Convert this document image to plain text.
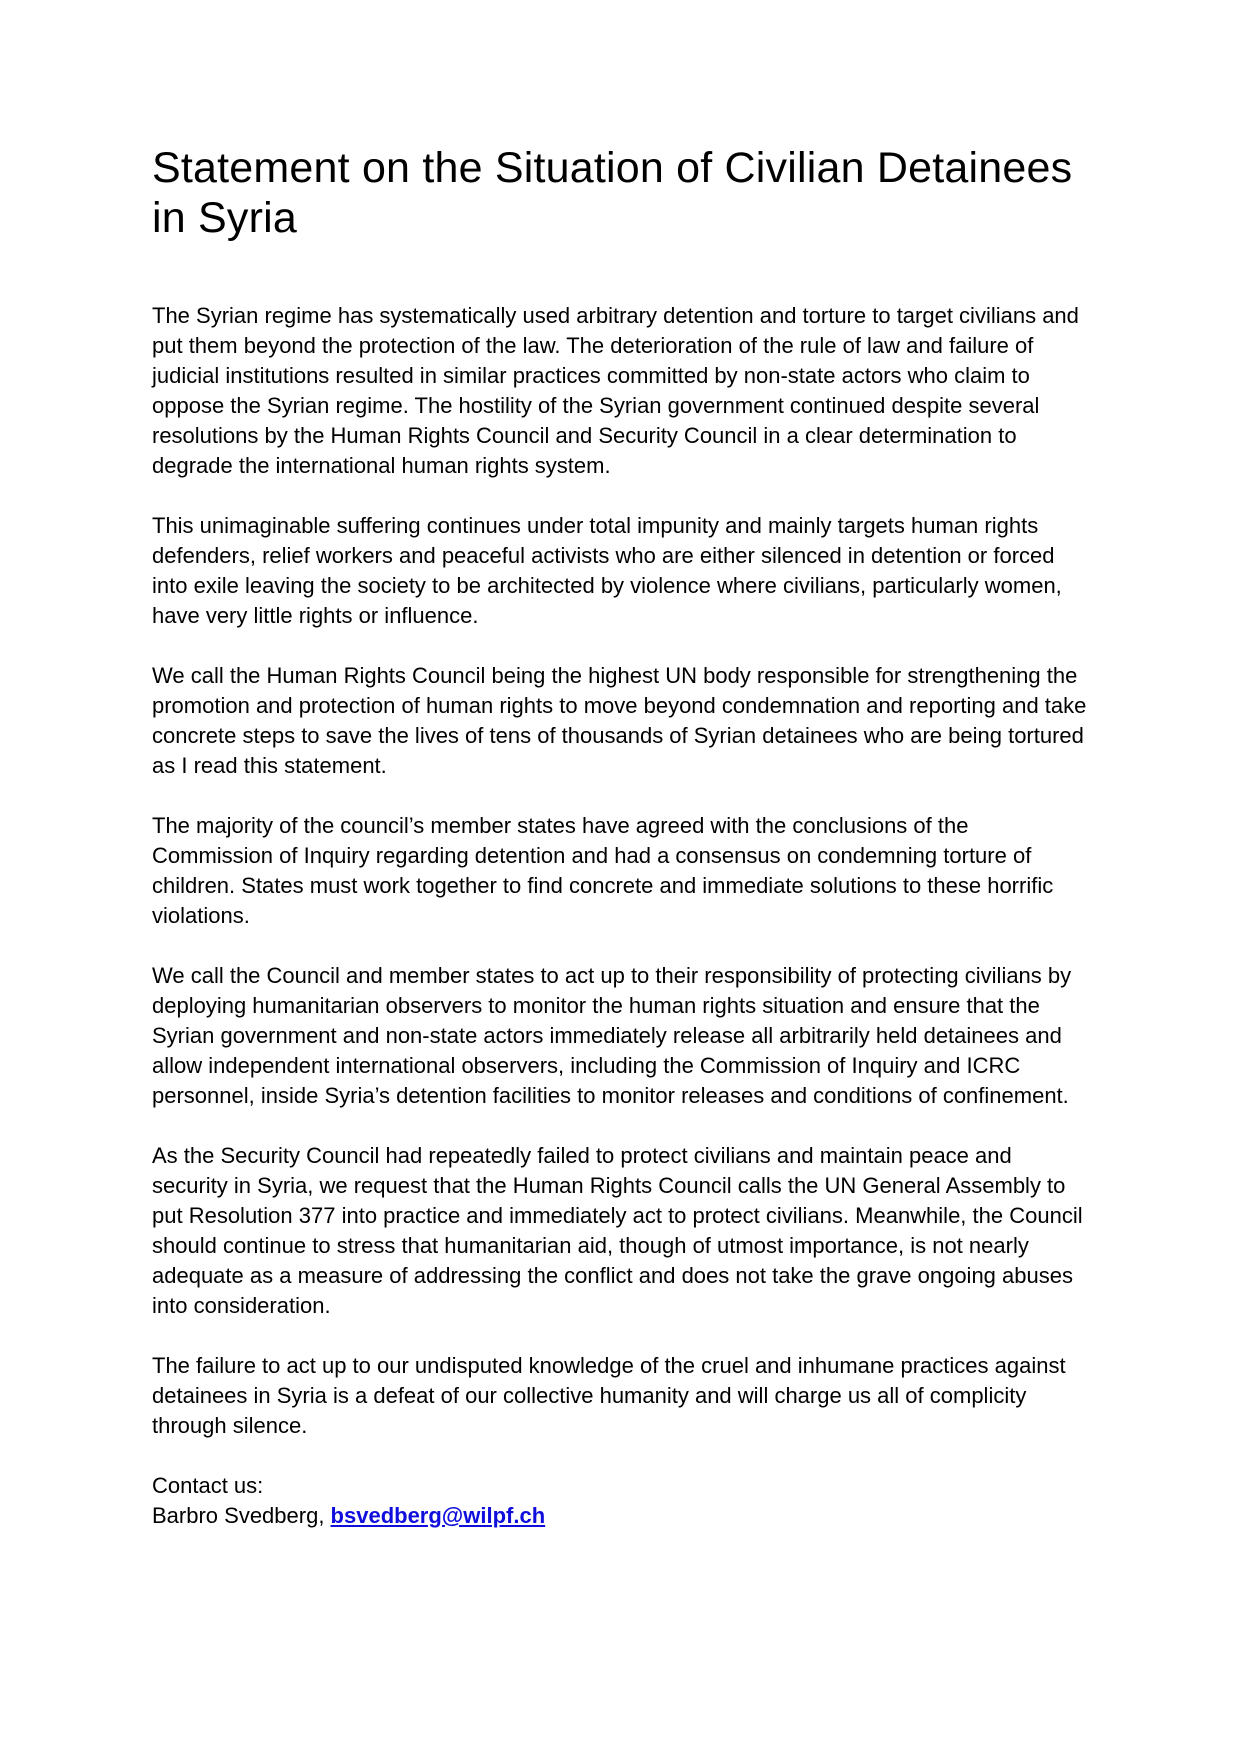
Statement on the Situation of Civilian Detainees in Syria

The Syrian regime has systematically used arbitrary detention and torture to target civilians and put them beyond the protection of the law. The deterioration of the rule of law and failure of judicial institutions resulted in similar practices committed by non-state actors who claim to oppose the Syrian regime. The hostility of the Syrian government continued despite several resolutions by the Human Rights Council and Security Council in a clear determination to degrade the international human rights system.

This unimaginable suffering continues under total impunity and mainly targets human rights defenders, relief workers and peaceful activists who are either silenced in detention or forced into exile leaving the society to be architected by violence where civilians, particularly women, have very little rights or influence.

We call the Human Rights Council being the highest UN body responsible for strengthening the promotion and protection of human rights to move beyond condemnation and reporting and take concrete steps to save the lives of tens of thousands of Syrian detainees who are being tortured as I read this statement.

The majority of the council’s member states have agreed with the conclusions of the Commission of Inquiry regarding detention and had a consensus on condemning torture of children. States must work together to find concrete and immediate solutions to these horrific violations.

We call the Council and member states to act up to their responsibility of protecting civilians by deploying humanitarian observers to monitor the human rights situation and ensure that the Syrian government and non-state actors immediately release all arbitrarily held detainees and allow independent international observers, including the Commission of Inquiry and ICRC personnel, inside Syria’s detention facilities to monitor releases and conditions of confinement.

As the Security Council had repeatedly failed to protect civilians and maintain peace and security in Syria, we request that the Human Rights Council calls the UN General Assembly to put Resolution 377 into practice and immediately act to protect civilians. Meanwhile, the Council should continue to stress that humanitarian aid, though of utmost importance, is not nearly adequate as a measure of addressing the conflict and does not take the grave ongoing abuses into consideration.

The failure to act up to our undisputed knowledge of the cruel and inhumane practices against detainees in Syria is a defeat of our collective humanity and will charge us all of complicity through silence.

Contact us:
Barbro Svedberg, bsvedberg@wilpf.ch
